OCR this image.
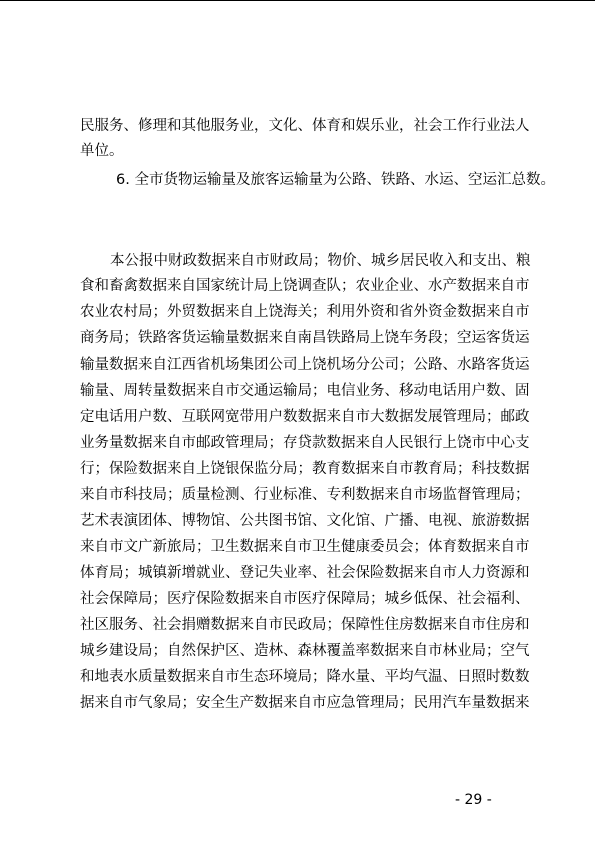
民服务、修理和其他服务业，文化、体育和娱乐业，社会工作行业法人
单位。
6. 全市货物运输量及旅客运输量为公路、铁路、水运、空运汇总数。
本公报中财政数据来自市财政局；物价、城乡居民收入和支出、粮
食和畜禽数据来自国家统计局上饶调查队；农业企业、水产数据来自市
农业农村局；外贸数据来自上饶海关；利用外资和省外资金数据来自市
商务局；铁路客货运输量数据来自南昌铁路局上饶车务段；空运客货运
输量数据来自江西省机场集团公司上饶机场分公司；公路、水路客货运
输量、周转量数据来自市交通运输局；电信业务、移动电话用户数、固
定电话用户数、互联网宽带用户数数据来自市大数据发展管理局；邮政
业务量数据来自市邮政管理局；存贷款数据来自人民银行上饶市中心支
行；保险数据来自上饶银保监分局；教育数据来自市教育局；科技数据
来自市科技局；质量检测、行业标准、专利数据来自市场监督管理局；
艺术表演团体、博物馆、公共图书馆、文化馆、广播、电视、旅游数据
来自市文广新旅局；卫生数据来自市卫生健康委员会；体育数据来自市
体育局；城镇新增就业、登记失业率、社会保险数据来自市人力资源和
社会保障局；医疗保险数据来自市医疗保障局；城乡低保、社会福利、
社区服务、社会捐赠数据来自市民政局；保障性住房数据来自市住房和
城乡建设局；自然保护区、造林、森林覆盖率数据来自市林业局；空气
和地表水质量数据来自市生态环境局；降水量、平均气温、日照时数数
据来自市气象局；安全生产数据来自市应急管理局；民用汽车量数据来
- 29 -
